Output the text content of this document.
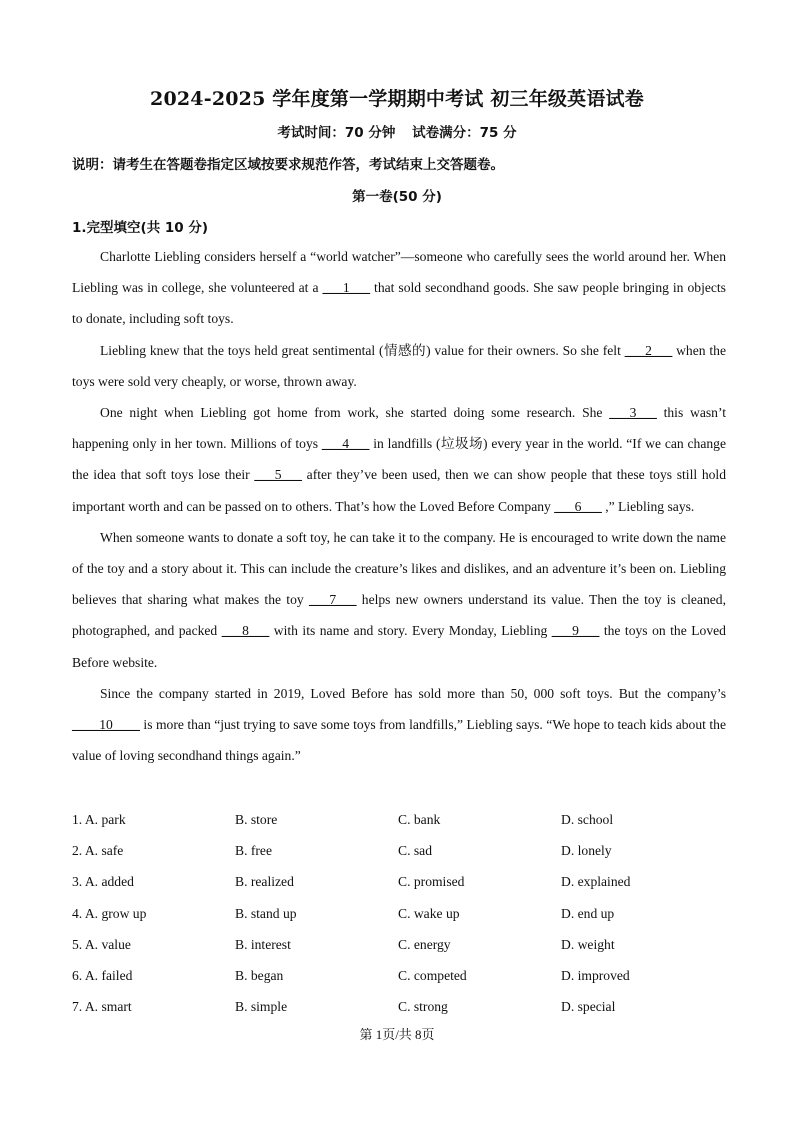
2024-2025 学年度第一学期期中考试 初三年级英语试卷
考试时间：70 分钟 试卷满分：75 分
说明：请考生在答题卷指定区域按要求规范作答，考试结束上交答题卷。
第一卷(50 分)
1.完型填空(共 10 分)

Charlotte Liebling considers herself a “world watcher”—someone who carefully sees the world around her. When Liebling was in college, she volunteered at a ___1___ that sold secondhand goods. She saw people bringing in objects to donate, including soft toys.

Liebling knew that the toys held great sentimental (情感的) value for their owners. So she felt ___2___ when the toys were sold very cheaply, or worse, thrown away.

One night when Liebling got home from work, she started doing some research. She ___3___ this wasn’t happening only in her town. Millions of toys ___4___ in landfills (垃圾场) every year in the world. “If we can change the idea that soft toys lose their ___5___ after they’ve been used, then we can show people that these toys still hold important worth and can be passed on to others. That’s how the Loved Before Company ___6___ ,” Liebling says.

When someone wants to donate a soft toy, he can take it to the company. He is encouraged to write down the name of the toy and a story about it. This can include the creature’s likes and dislikes, and an adventure it’s been on. Liebling believes that sharing what makes the toy ___7___ helps new owners understand its value. Then the toy is cleaned, photographed, and packed ___8___ with its name and story. Every Monday, Liebling ___9___ the toys on the Loved Before website.

Since the company started in 2019, Loved Before has sold more than 50, 000 soft toys. But the company’s ____10____ is more than “just trying to save some toys from landfills,” Liebling says. “We hope to teach kids about the value of loving secondhand things again.”

1. A. park	B. store	C. bank	D. school
2. A. safe	B. free	C. sad	D. lonely
3. A. added	B. realized	C. promised	D. explained
4. A. grow up	B. stand up	C. wake up	D. end up
5. A. value	B. interest	C. energy	D. weight
6. A. failed	B. began	C. competed	D. improved
7. A. smart	B. simple	C. strong	D. special
第 1页/共 8页
